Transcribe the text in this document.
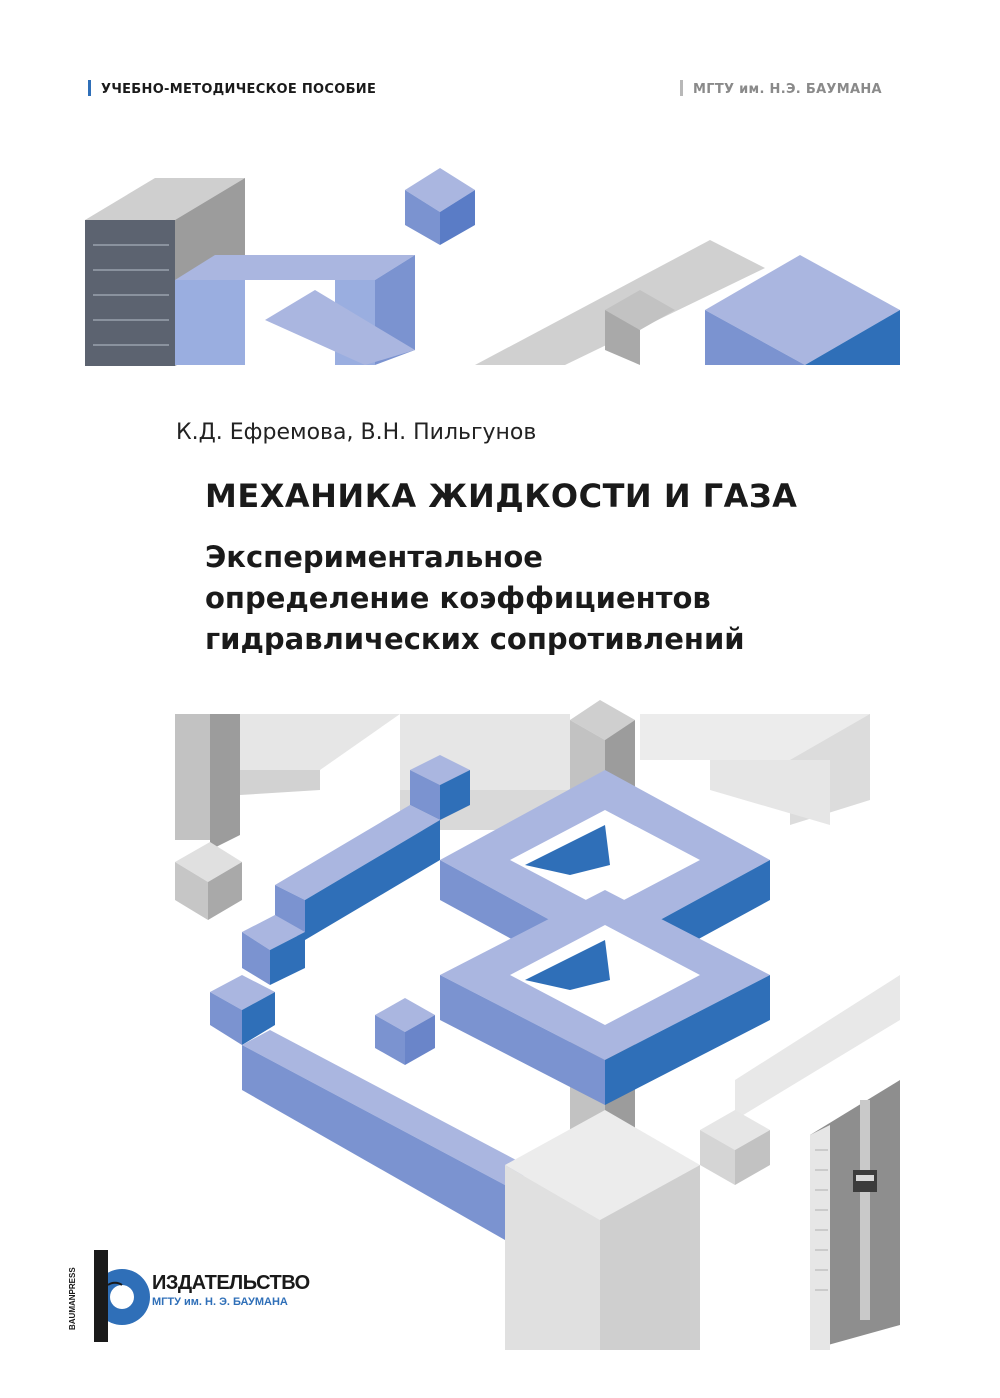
УЧЕБНО-МЕТОДИЧЕСКОЕ ПОСОБИЕ	МГТУ им. Н.Э. БАУМАНА
К.Д. Ефремова, В.Н. Пильгунов
МЕХАНИКА ЖИДКОСТИ И ГАЗА
Экспериментальное
определение коэффициентов
гидравлических сопротивлений
BAUMANPRESS	ИЗДАТЕЛЬСТВО
МГТУ им. Н. Э. БАУМАНА
